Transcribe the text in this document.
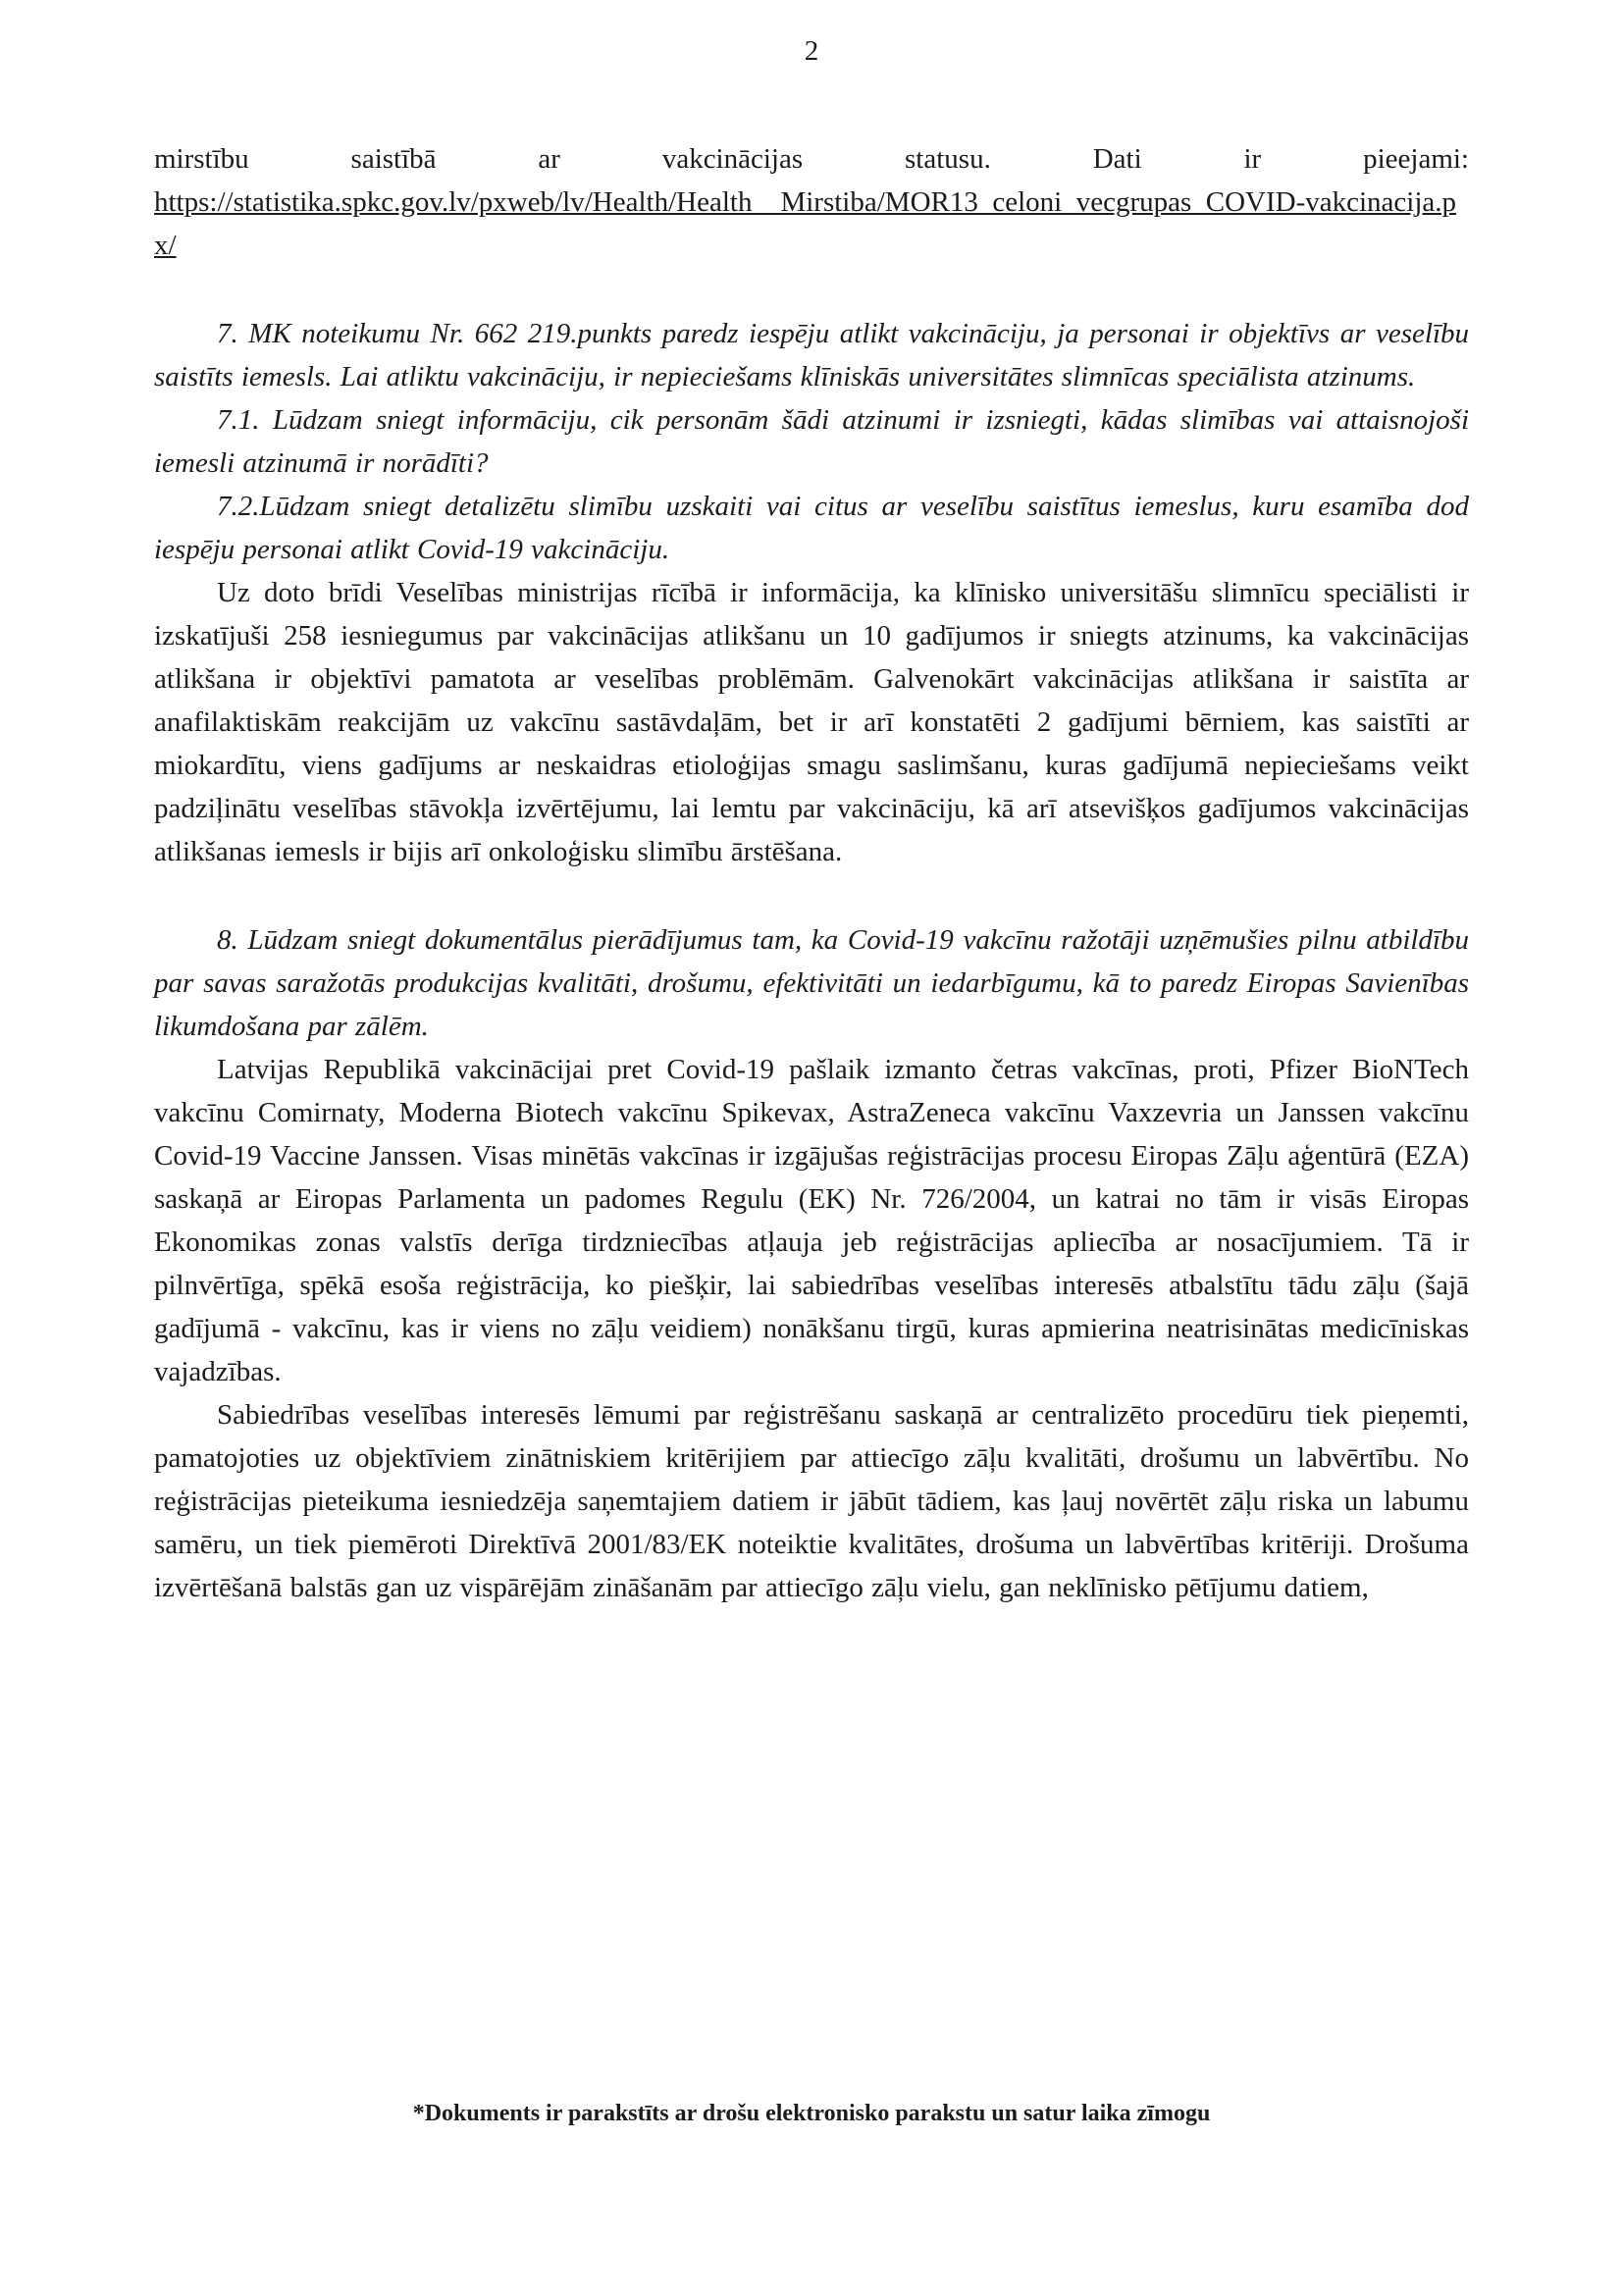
2
mirstību saistībā ar vakcinācijas statusu. Dati ir pieejami:
https://statistika.spkc.gov.lv/pxweb/lv/Health/Health__Mirstiba/MOR13_celoni_vecgrupas_COVID-vakcinacija.px/

7. MK noteikumu Nr. 662 219.punkts paredz iespēju atlikt vakcināciju, ja personai ir objektīvs ar veselību saistīts iemesls. Lai atliktu vakcināciju, ir nepieciešams klīniskās universitātes slimnīcas speciālista atzinums.

7.1. Lūdzam sniegt informāciju, cik personām šādi atzinumi ir izsniegti, kādas slimības vai attaisnojoši iemesli atzinumā ir norādīti?

7.2.Lūdzam sniegt detalizētu slimību uzskaiti vai citus ar veselību saistītus iemeslus, kuru esamība dod iespēju personai atlikt Covid-19 vakcināciju.

Uz doto brīdi Veselības ministrijas rīcībā ir informācija, ka klīnisko universitāšu slimnīcu speciālisti ir izskatījuši 258 iesniegumus par vakcinācijas atlikšanu un 10 gadījumos ir sniegts atzinums, ka vakcinācijas atlikšana ir objektīvi pamatota ar veselības problēmām. Galvenokārt vakcinācijas atlikšana ir saistīta ar anafilaktiskām reakcijām uz vakcīnu sastāvdaļām, bet ir arī konstatēti 2 gadījumi bērniem, kas saistīti ar miokardītu, viens gadījums ar neskaidras etioloģijas smagu saslimšanu, kuras gadījumā nepieciešams veikt padziļinātu veselības stāvokļa izvērtējumu, lai lemtu par vakcināciju, kā arī atsevišķos gadījumos vakcinācijas atlikšanas iemesls ir bijis arī onkoloģisku slimību ārstēšana.

8. Lūdzam sniegt dokumentālus pierādījumus tam, ka Covid-19 vakcīnu ražotāji uzņēmušies pilnu atbildību par savas saražotās produkcijas kvalitāti, drošumu, efektivitāti un iedarbīgumu, kā to paredz Eiropas Savienības likumdošana par zālēm.

Latvijas Republikā vakcinācijai pret Covid-19 pašlaik izmanto četras vakcīnas, proti, Pfizer BioNTech vakcīnu Comirnaty, Moderna Biotech vakcīnu Spikevax, AstraZeneca vakcīnu Vaxzevria un Janssen vakcīnu Covid-19 Vaccine Janssen. Visas minētās vakcīnas ir izgājušas reģistrācijas procesu Eiropas Zāļu aģentūrā (EZA) saskaņā ar Eiropas Parlamenta un padomes Regulu (EK) Nr. 726/2004, un katrai no tām ir visās Eiropas Ekonomikas zonas valstīs derīga tirdzniecības atļauja jeb reģistrācijas apliecība ar nosacījumiem. Tā ir pilnvērtīga, spēkā esoša reģistrācija, ko piešķir, lai sabiedrības veselības interesēs atbalstītu tādu zāļu (šajā gadījumā - vakcīnu, kas ir viens no zāļu veidiem) nonākšanu tirgū, kuras apmierina neatrisinātas medicīniskas vajadzības.

Sabiedrības veselības interesēs lēmumi par reģistrēšanu saskaņā ar centralizēto procedūru tiek pieņemti, pamatojoties uz objektīviem zinātniskiem kritērijiem par attiecīgo zāļu kvalitāti, drošumu un labvērtību. No reģistrācijas pieteikuma iesniedzēja saņemtajiem datiem ir jābūt tādiem, kas ļauj novērtēt zāļu riska un labumu samēru, un tiek piemēroti Direktīvā 2001/83/EK noteiktie kvalitātes, drošuma un labvērtības kritēriji. Drošuma izvērtēšanā balstās gan uz vispārējām zināšanām par attiecīgo zāļu vielu, gan neklīnisko pētījumu datiem,

*Dokuments ir parakstīts ar drošu elektronisko parakstu un satur laika zīmogu
